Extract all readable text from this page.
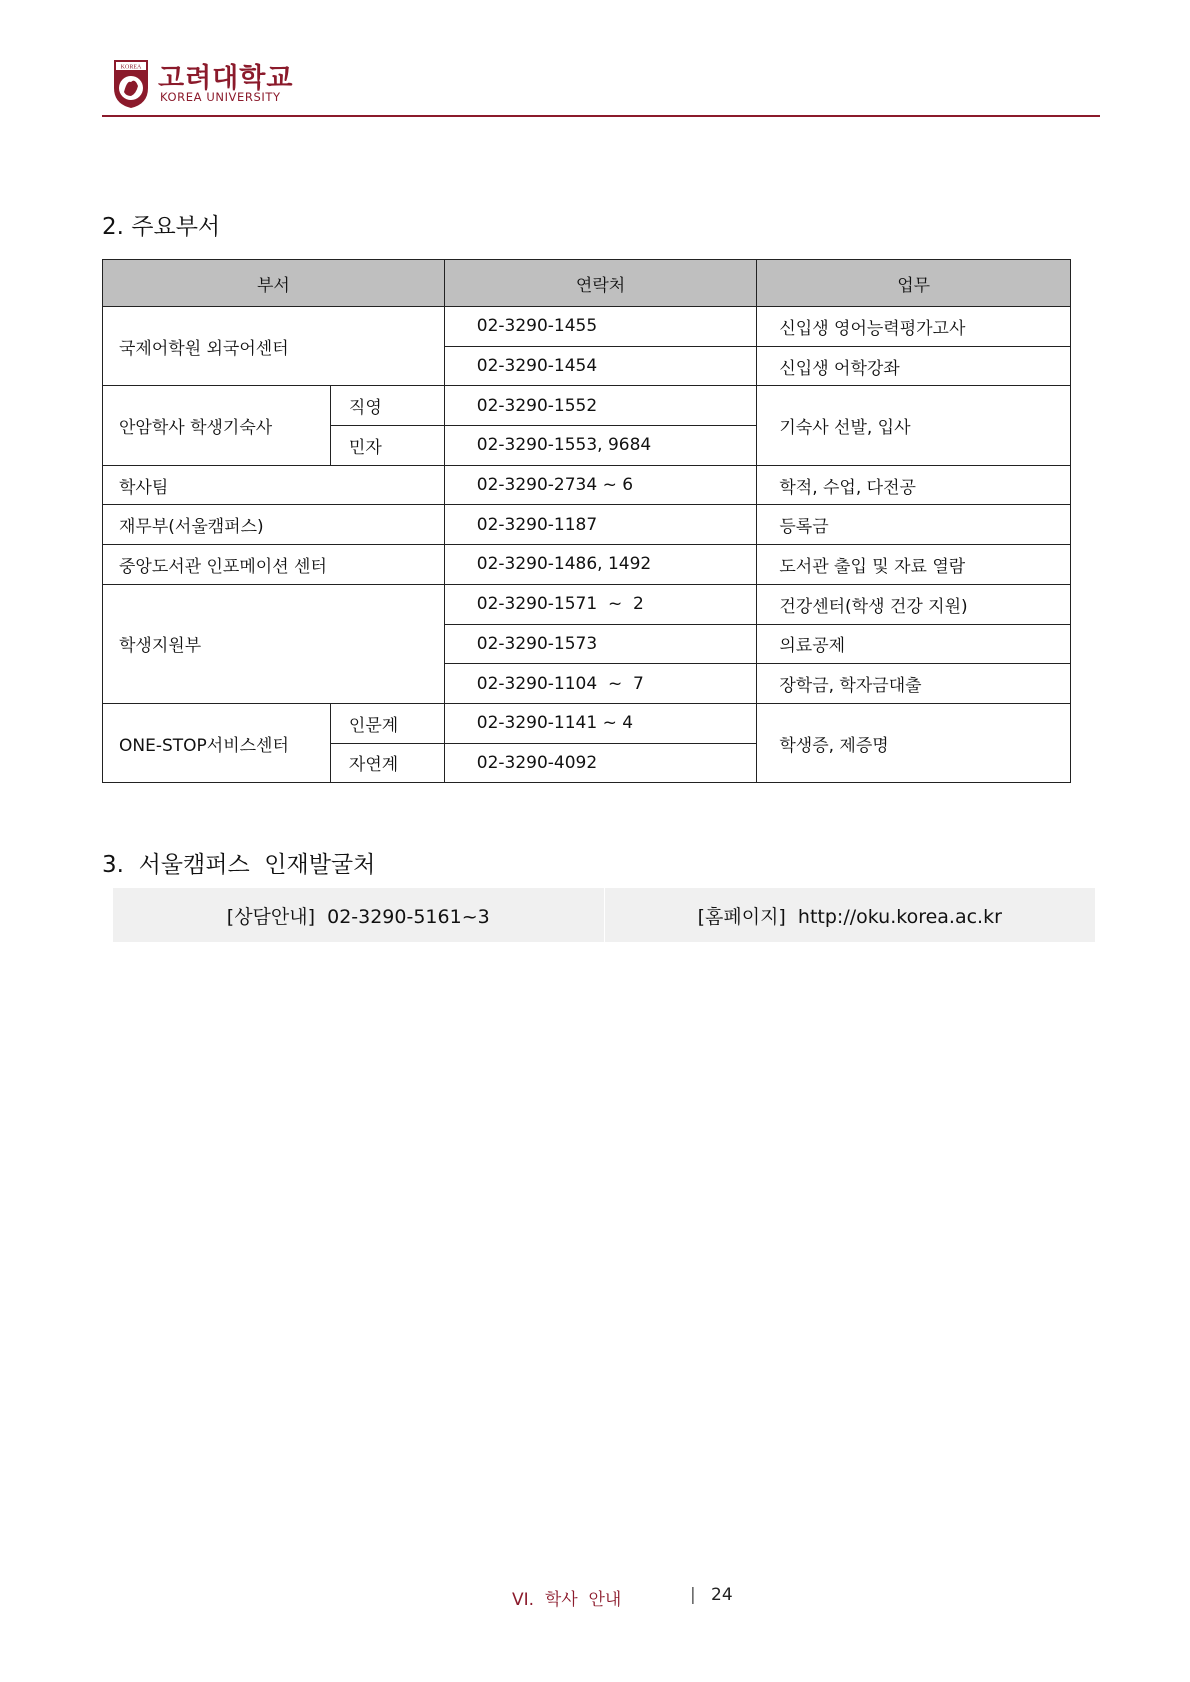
KOREA 고려대학교
KOREA UNIVERSITY
2. 주요부서
부서		연락처	업무
국제어학원 외국어센터		02-3290-1455	신입생 영어능력평가고사
		02-3290-1454	신입생 어학강좌
안암학사 학생기숙사	직영	02-3290-1552	기숙사 선발, 입사
	민자	02-3290-1553, 9684	
학사팀		02-3290-2734 ~ 6	학적, 수업, 다전공
재무부(서울캠퍼스)		02-3290-1187	등록금
중앙도서관 인포메이션 센터		02-3290-1486, 1492	도서관 출입 및 자료 열람
학생지원부		02-3290-1571  ~  2	건강센터(학생 건강 지원)
		02-3290-1573	의료공제
		02-3290-1104  ~  7	장학금, 학자금대출
ONE-STOP서비스센터	인문계	02-3290-1141 ~ 4	학생증, 제증명
	자연계	02-3290-4092	
3.  서울캠퍼스  인재발굴처
[상담안내]  02-3290-5161~3	[홈페이지]  http://oku.korea.ac.kr
VI.  학사  안내	| 24
